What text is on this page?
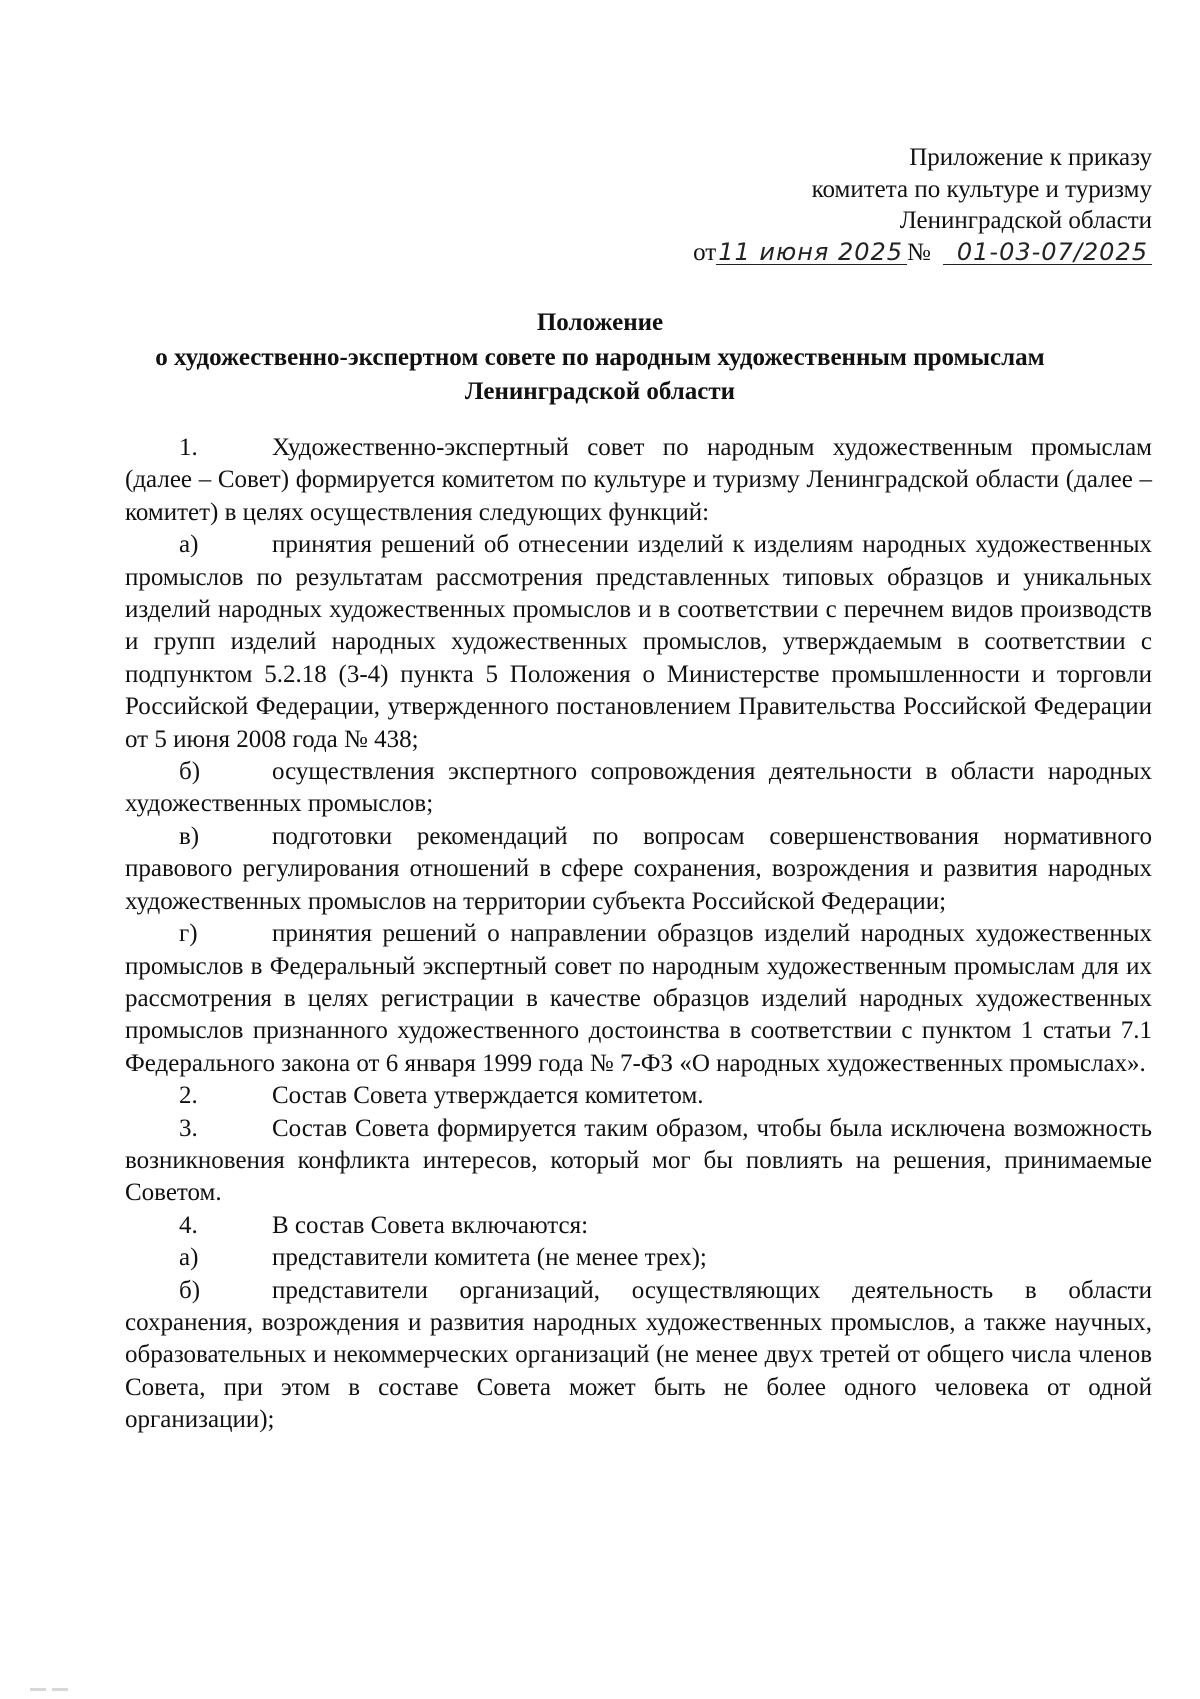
Приложение к приказу
комитета по культуре и туризму
Ленинградской области
от11 июня 2025 № 01-03-07/2025
Положение
о художественно-экспертном совете по народным художественным промыслам
Ленинградской области

1.	Художественно-экспертный совет по народным художественным промыслам (далее – Совет) формируется комитетом по культуре и туризму Ленинградской области (далее – комитет) в целях осуществления следующих функций:

а)	принятия решений об отнесении изделий к изделиям народных художественных промыслов по результатам рассмотрения представленных типовых образцов и уникальных изделий народных художественных промыслов и в соответствии с перечнем видов производств и групп изделий народных художественных промыслов, утверждаемым в соответствии с подпунктом 5.2.18 (3-4) пункта 5 Положения о Министерстве промышленности и торговли Российской Федерации, утвержденного постановлением Правительства Российской Федерации от 5 июня 2008 года № 438;

б)	осуществления экспертного сопровождения деятельности в области народных художественных промыслов;

в)	подготовки рекомендаций по вопросам совершенствования нормативного правового регулирования отношений в сфере сохранения, возрождения и развития народных художественных промыслов на территории субъекта Российской Федерации;

г)	принятия решений о направлении образцов изделий народных художественных промыслов в Федеральный экспертный совет по народным художественным промыслам для их рассмотрения в целях регистрации в качестве образцов изделий народных художественных промыслов признанного художественного достоинства в соответствии с пунктом 1 статьи 7.1 Федерального закона от 6 января 1999 года № 7-ФЗ «О народных художественных промыслах».

2.	Состав Совета утверждается комитетом.

3.	Состав Совета формируется таким образом, чтобы была исключена возможность возникновения конфликта интересов, который мог бы повлиять на решения, принимаемые Советом.

4.	В состав Совета включаются:

а)	представители комитета (не менее трех);

б)	представители организаций, осуществляющих деятельность в области сохранения, возрождения и развития народных художественных промыслов, а также научных, образовательных и некоммерческих организаций (не менее двух третей от общего числа членов Совета, при этом в составе Совета может быть не более одного человека от одной организации);
